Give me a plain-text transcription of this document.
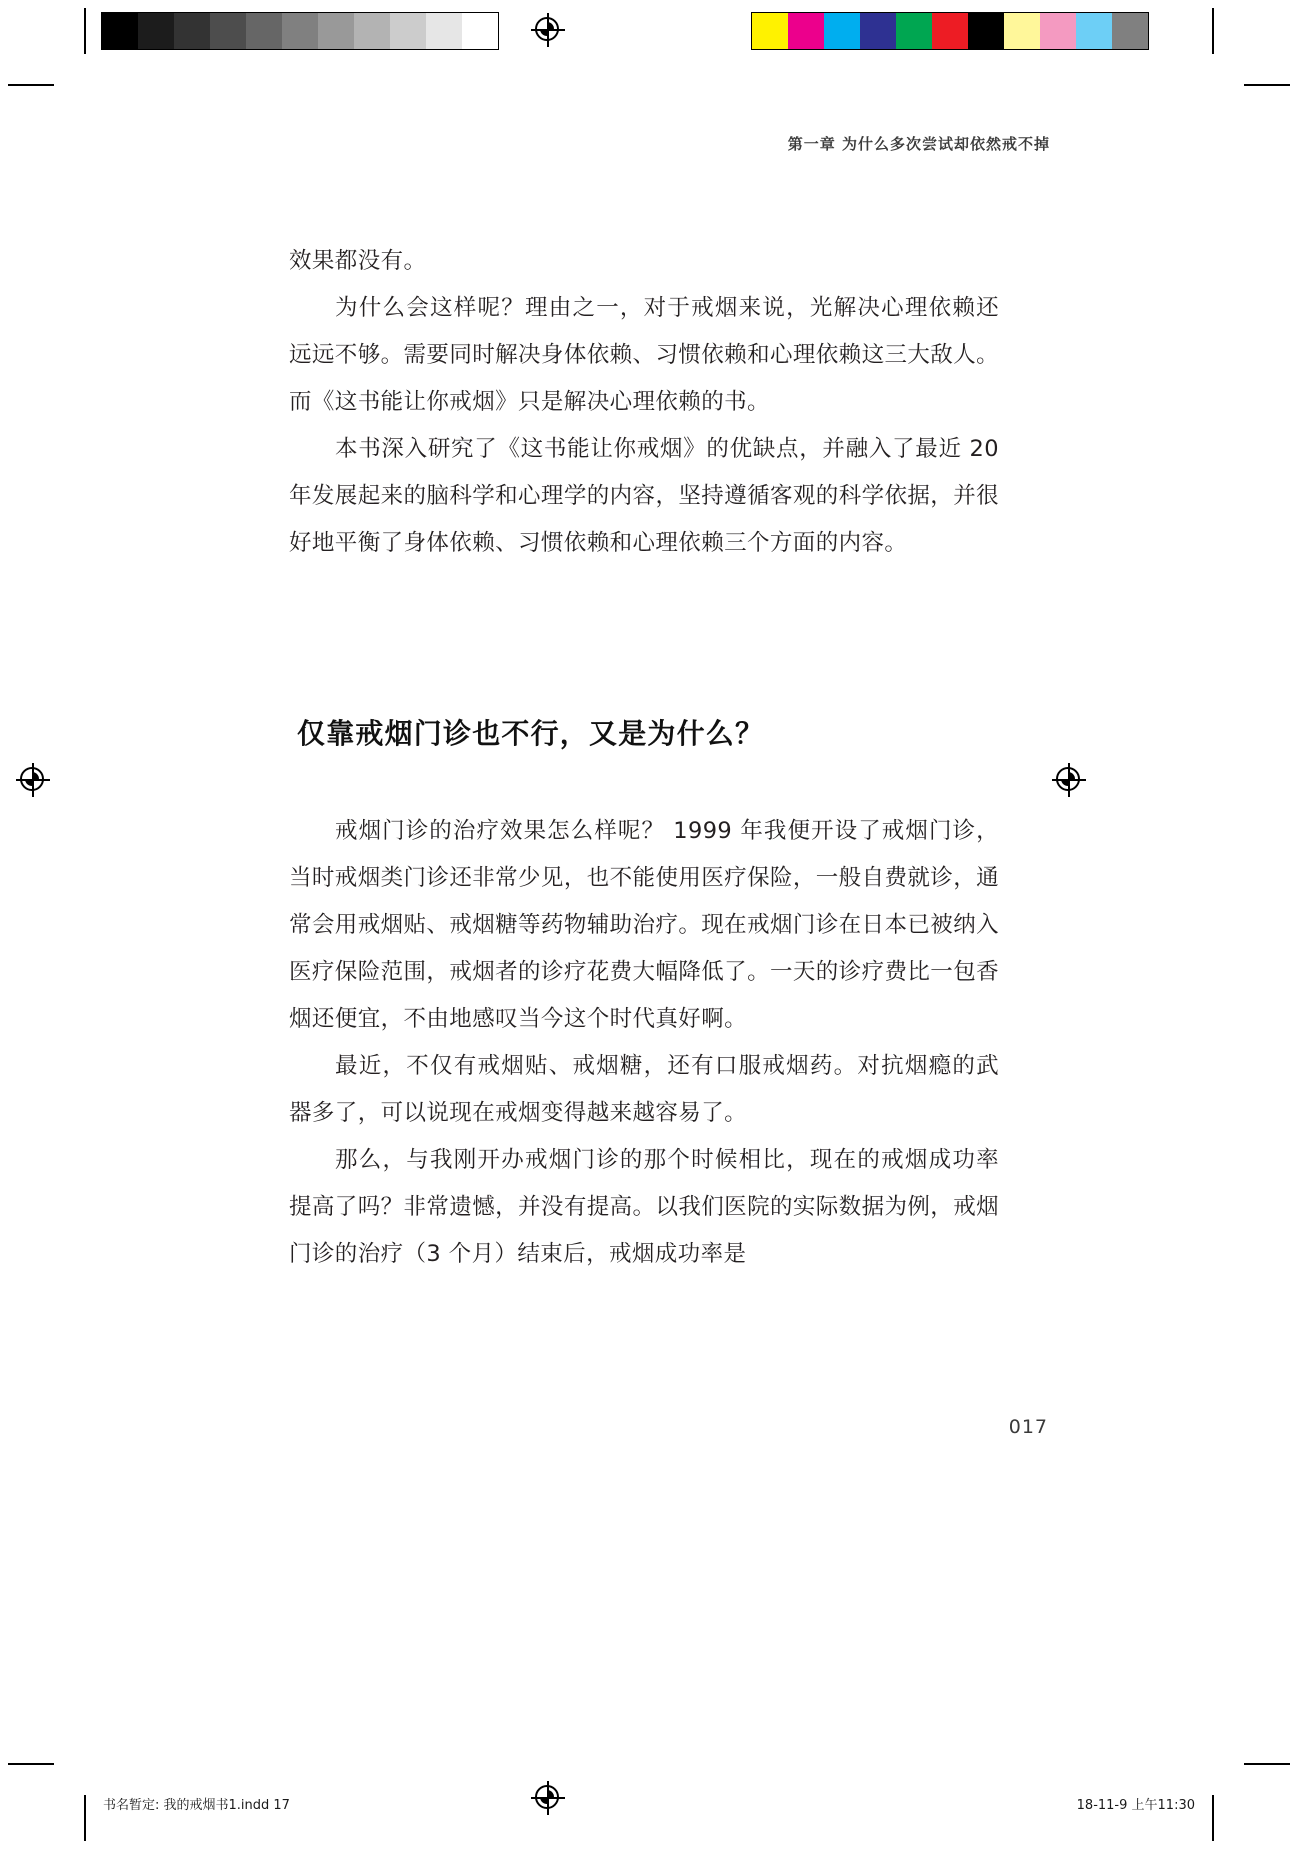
第一章 为什么多次尝试却依然戒不掉

效果都没有。

为什么会这样呢？理由之一，对于戒烟来说，光解决心理依赖还远远不够。需要同时解决身体依赖、习惯依赖和心理依赖这三大敌人。而《这书能让你戒烟》只是解决心理依赖的书。

本书深入研究了《这书能让你戒烟》的优缺点，并融入了最近 20 年发展起来的脑科学和心理学的内容，坚持遵循客观的科学依据，并很好地平衡了身体依赖、习惯依赖和心理依赖三个方面的内容。

仅靠戒烟门诊也不行，又是为什么？

戒烟门诊的治疗效果怎么样呢？ 1999 年我便开设了戒烟门诊，当时戒烟类门诊还非常少见，也不能使用医疗保险，一般自费就诊，通常会用戒烟贴、戒烟糖等药物辅助治疗。现在戒烟门诊在日本已被纳入医疗保险范围，戒烟者的诊疗花费大幅降低了。一天的诊疗费比一包香烟还便宜，不由地感叹当今这个时代真好啊。

最近，不仅有戒烟贴、戒烟糖，还有口服戒烟药。对抗烟瘾的武器多了，可以说现在戒烟变得越来越容易了。

那么，与我刚开办戒烟门诊的那个时候相比，现在的戒烟成功率提高了吗？非常遗憾，并没有提高。以我们医院的实际数据为例，戒烟门诊的治疗（3 个月）结束后，戒烟成功率是

017
书名暂定: 我的戒烟书1.indd 17	18-11-9 上午11:30
